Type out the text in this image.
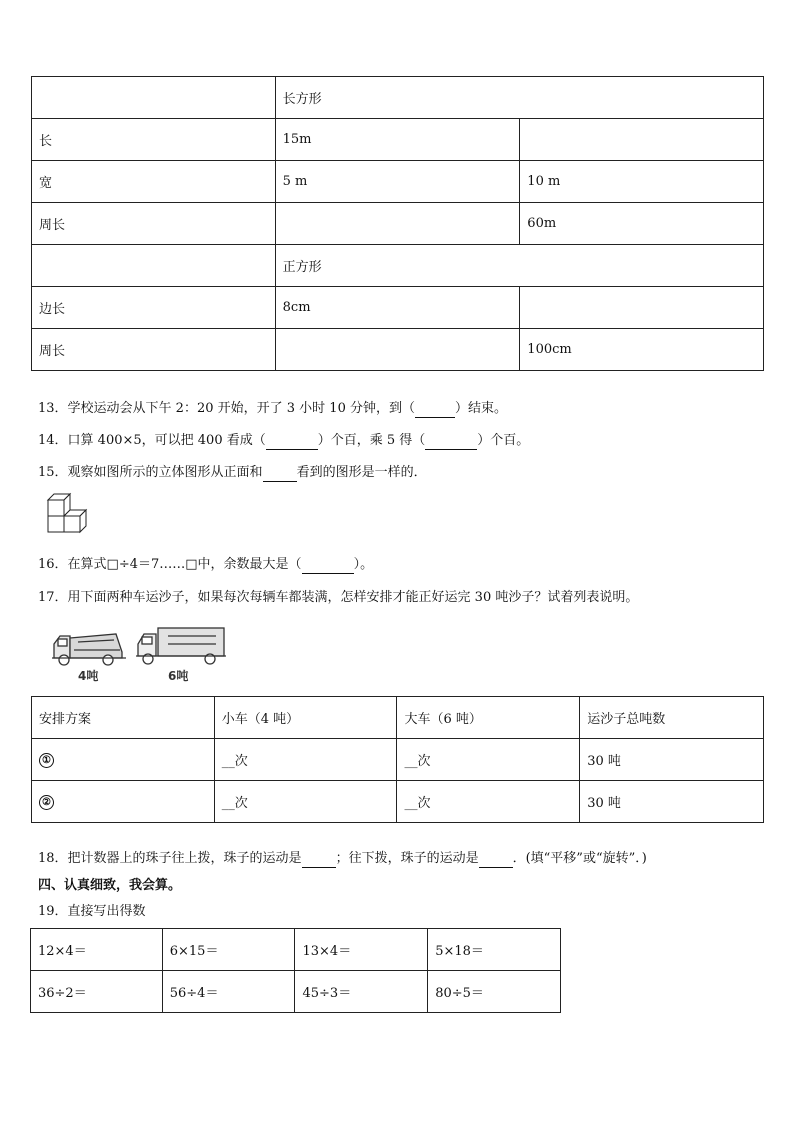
	长方形	
长	15m	
宽	5 m	10 m
周长		60m
	正方形	
边长	8cm	
周长		100cm
13．学校运动会从下午 2：20 开始，开了 3 小时 10 分钟，到（	）结束。
14．口算 400×5，可以把 400 看成（	）个百，乘 5 得（	）个百。
15．观察如图所示的立体图形从正面和	看到的图形是一样的．
16．在算式□÷4＝7……□中，余数最大是（	）。
17．用下面两种车运沙子，如果每次每辆车都装满，怎样安排才能正好运完 30 吨沙子？试着列表说明。
4吨	6吨
安排方案	小车（4 吨）	大车（6 吨）	运沙子总吨数
①	__次	__次	30 吨
②	__次	__次	30 吨
18．把计数器上的珠子往上拨，珠子的运动是	；往下拨，珠子的运动是	．(填“平移”或“旋转”．)
四、认真细致，我会算。
19．直接写出得数
12×4＝	6×15＝	13×4＝	5×18＝
36÷2＝	56÷4＝	45÷3＝	80÷5＝
